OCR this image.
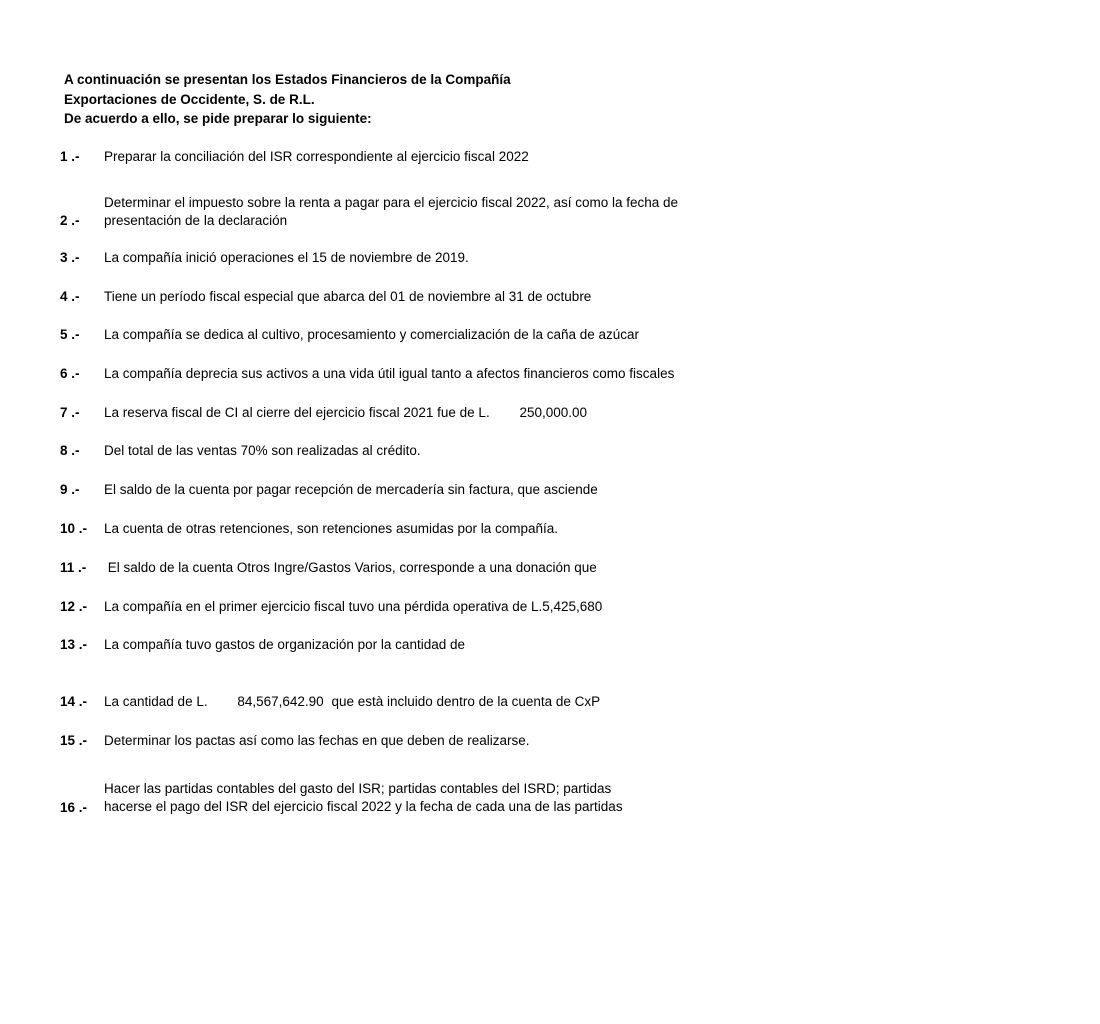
A continuación se presentan los Estados Financieros de la Compañía
Exportaciones de Occidente, S. de R.L.
De acuerdo a ello, se pide preparar lo siguiente:
1 .-	Preparar la conciliación del ISR correspondiente al ejercicio fiscal 2022
2 .-
Determinar el impuesto sobre la renta a pagar para el ejercicio fiscal 2022, así como la fecha de
presentación de la declaración
3 .-	La compañía inició operaciones el 15 de noviembre de 2019.
4 .-	Tiene un período fiscal especial que abarca del 01 de noviembre al 31 de octubre
5 .-	La compañía se dedica al cultivo, procesamiento y comercialización de la caña de azúcar
6 .-	La compañía deprecia sus activos a una vida útil igual tanto a afectos financieros como fiscales
7 .-	La reserva fiscal de CI al cierre del ejercicio fiscal 2021 fue de L. 250,000.00
8 .-	Del total de las ventas 70% son realizadas al crédito.
9 .-	El saldo de la cuenta por pagar recepción de mercadería sin factura, que asciende
10 .-	La cuenta de otras retenciones, son retenciones asumidas por la compañía.
11 .-	El saldo de la cuenta Otros Ingre/Gastos Varios, corresponde a una donación que
12 .-	La compañía en el primer ejercicio fiscal tuvo una pérdida operativa de L.5,425,680
13 .-	La compañía tuvo gastos de organización por la cantidad de
14 .-	La cantidad de L. 84,567,642.90 que està incluido dentro de la cuenta de CxP
15 .-	Determinar los pactas así como las fechas en que deben de realizarse.
16 .-
Hacer las partidas contables del gasto del ISR; partidas contables del ISRD; partidas
hacerse el pago del ISR del ejercicio fiscal 2022 y la fecha de cada una de las partidas
